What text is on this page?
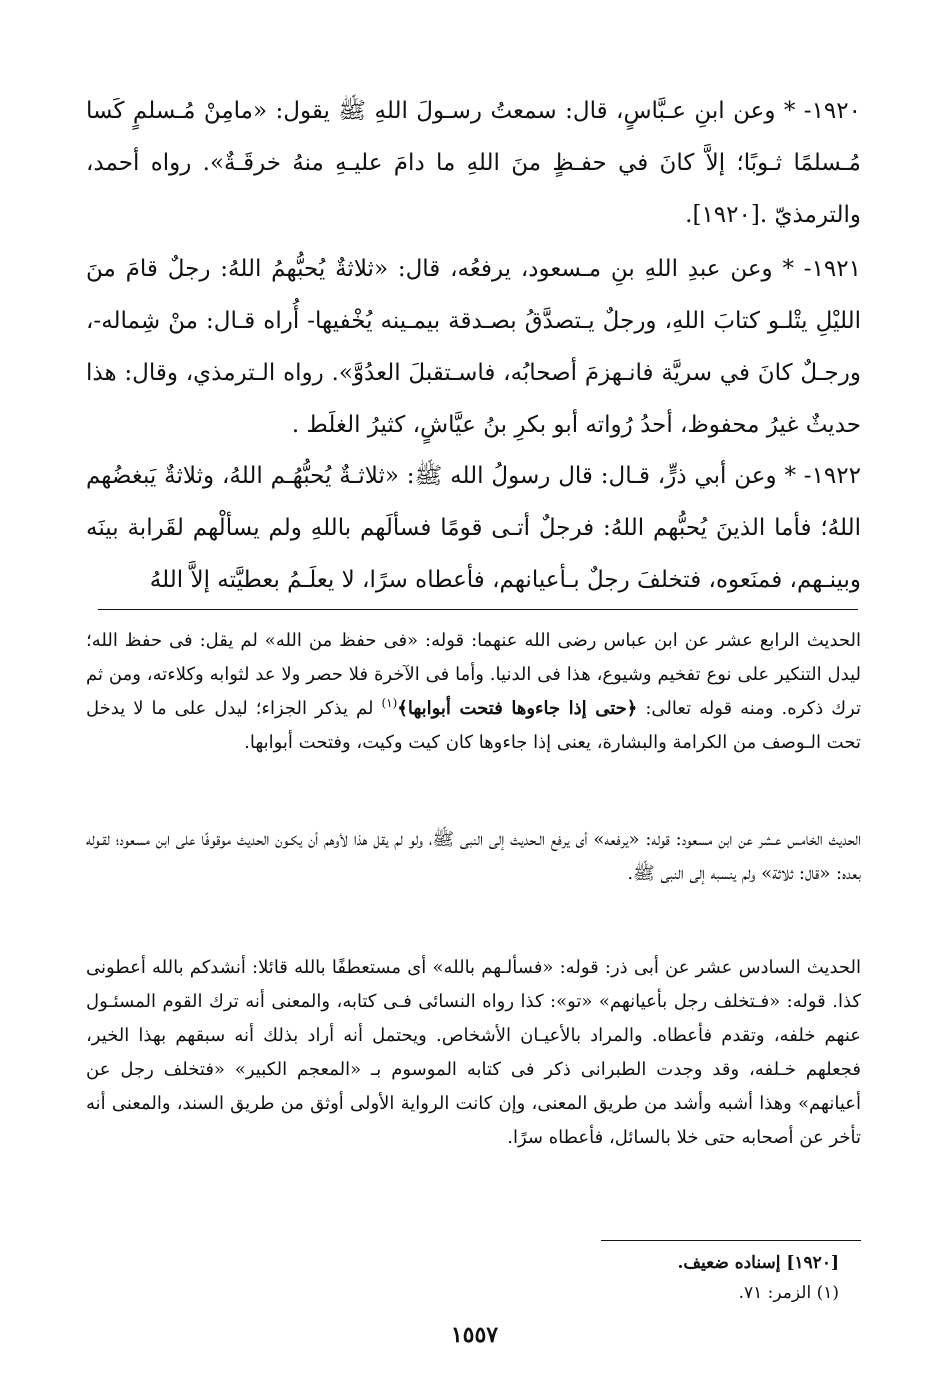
١٩٢٠- * وعن ابنِ عـبَّاسٍ، قال: سمعتُ رسـولَ اللهِ ﷺ يقول: «مامِنْ مُـسلمٍ كَسا مُـسلمًا ثـوبًا؛ إلاَّ كانَ في حفـظٍ منَ اللهِ ما دامَ عليـهِ منهُ خرقَـةٌ». رواه أحمد، والترمذيّ .[١٩٢٠].

١٩٢١- * وعن عبدِ اللهِ بنِ مـسعود، يرفعُه، قال: «ثلاثةٌ يُحبُّهمُ اللهُ: رجلٌ قامَ منَ الليْلِ يتْلـو كتابَ اللهِ، ورجلٌ يـتصدَّقُ بصـدقة بيمـينه يُخْفيها- أُراه قـال: منْ شِماله-، ورجـلٌ كانَ في سريَّة فانـهزمَ أصحابُه، فاسـتقبلَ العدُوَّ». رواه الـترمذي، وقال: هذا حديثٌ غيرُ محفوظ، أحدُ رُواته أبو بكرِ بنُ عيَّاشٍ، كثيرُ الغلَط .

١٩٢٢- * وعن أبي ذرٍّ، قـال: قال رسولُ الله ﷺ: «ثلاثـةٌ يُحبُّهُـم اللهُ، وثلاثةٌ يَبغضُهم اللهُ؛ فأما الذينَ يُحبُّهم اللهُ: فرجلٌ أتـى قومًا فسألَهم باللهِ ولم يسألْهم لقَرابة بينَه وبينـهم، فمنَعوه، فتخلفَ رجلٌ بـأعيانهم، فأعطاه سرًا، لا يعلَـمُ بعطيَّته إلاَّ اللهُ

الحديث الرابع عشر عن ابن عباس رضى الله عنهما: قوله: «فى حفظ من الله» لم يقل: فى حفظ الله؛ ليدل التنكير على نوع تفخيم وشيوع، هذا فى الدنيا. وأما فى الآخرة فلا حصر ولا عد لثوابه وكلاءته، ومن ثم ترك ذكره. ومنه قوله تعالى: ﴿حتى إذا جاءوها فتحت أبوابها﴾$^{(١)}$ لم يذكر الجزاء؛ ليدل على ما لا يدخل تحت الـوصف من الكرامة والبشارة، يعنى إذا جاءوها كان كيت وكيت، وفتحت أبوابها.

الحديث الخامس عـشر عن ابن مسعود: قوله: «يرفعه» أى يرفع الـحديث إلى النبى ﷺ، ولو لم يقل هذا لأوهم أن يكـون الحديث موقوفًا على ابن مسعود؛ لقـوله بعده: «قال: ثلاثة» ولم ينسبه إلى النبى ﷺ.

الحديث السادس عشر عن أبى ذر: قوله: «فسألـهم بالله» أى مستعطفًا بالله قائلا: أنشدكم بالله أعطونى كذا. قوله: «فـتخلف رجل بأعيانهم» «تو»: كذا رواه النسائى فـى كتابه، والمعنى أنه ترك القوم المسئـول عنهم خلفه، وتقدم فأعطاه. والمراد بالأعيـان الأشخاص. ويحتمل أنه أراد بذلك أنه سبقهم بهذا الخير، فجعلهم خـلفه، وقد وجدت الطبرانى ذكر فى كتابه الموسوم بـ «المعجم الكبير» «فتخلف رجل عن أعيانهم» وهذا أشبه وأشد من طريق المعنى، وإن كانت الرواية الأولى أوثق من طريق السند، والمعنى أنه تأخر عن أصحابه حتى خلا بالسائل، فأعطاه سرًا.

[١٩٢٠] إسناده ضعيف.

(١) الزمر: ٧١.

١٥٥٧
